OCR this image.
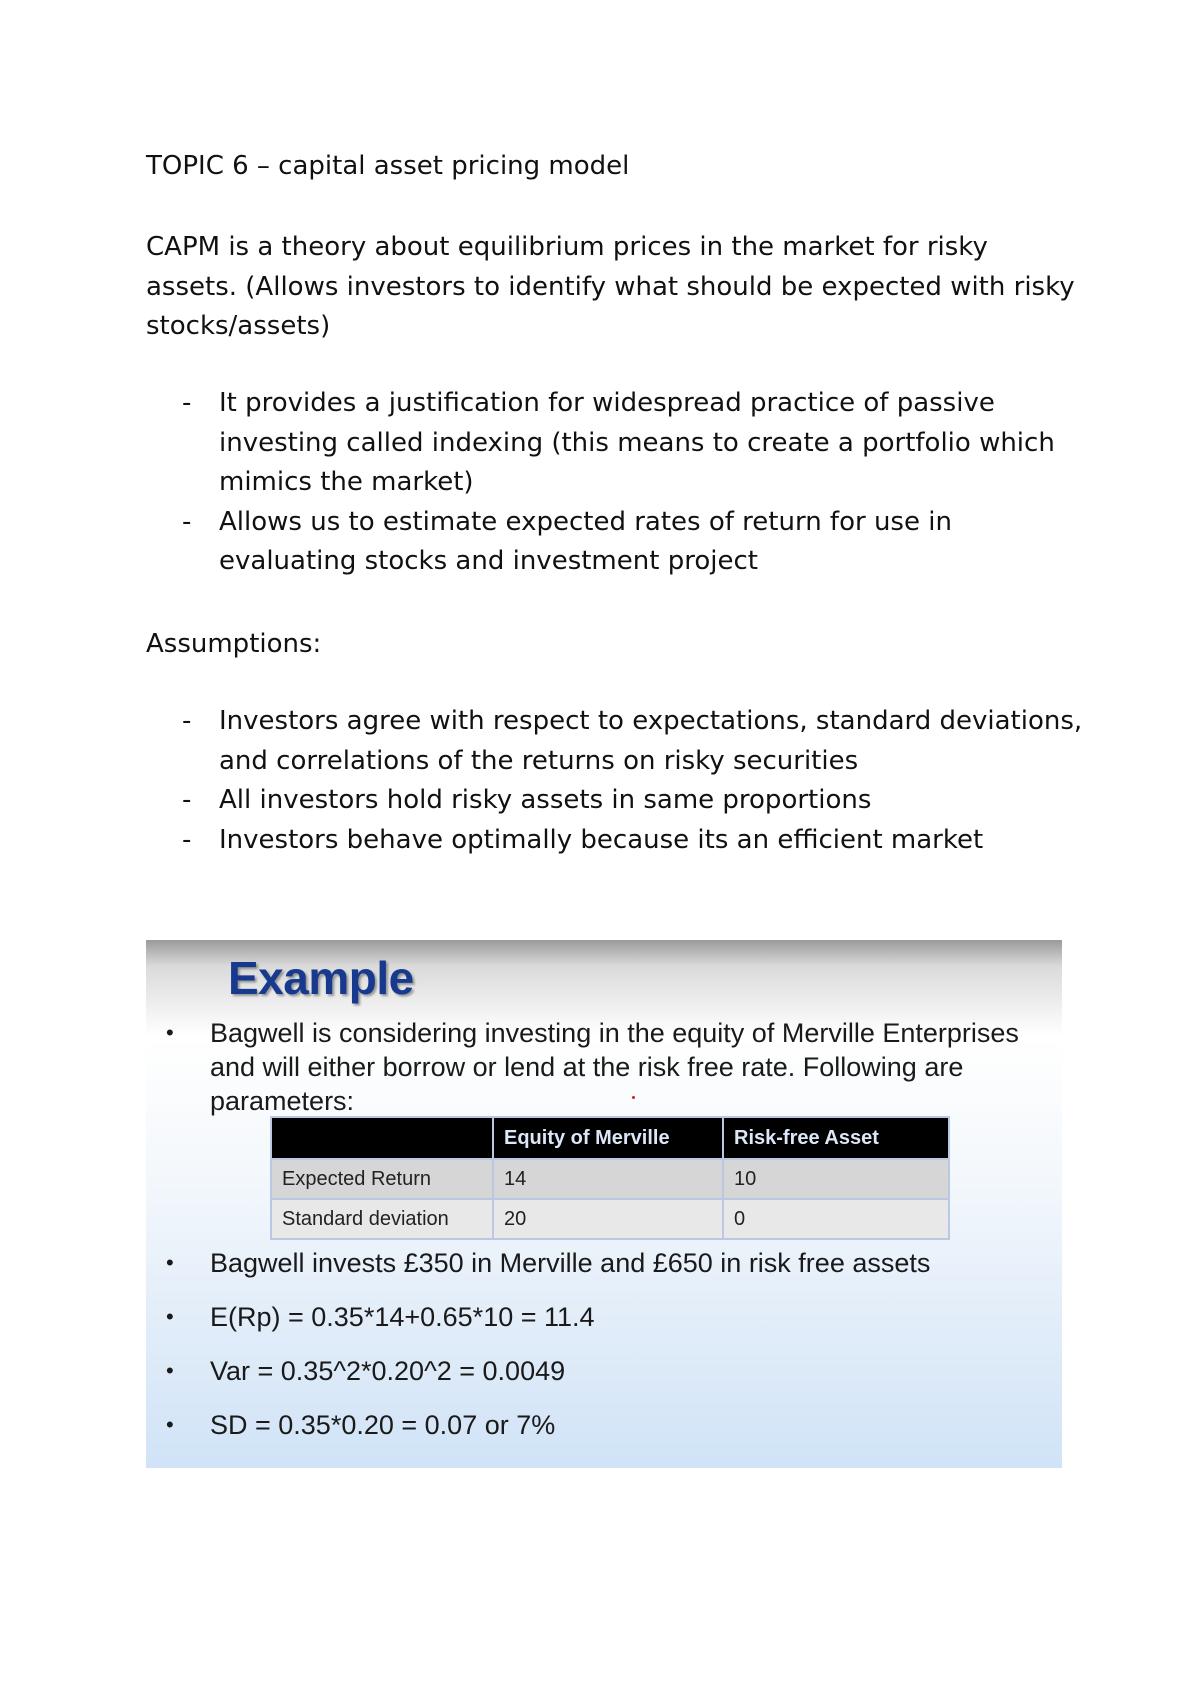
TOPIC 6 – capital asset pricing model
CAPM is a theory about equilibrium prices in the market for risky assets. (Allows investors to identify what should be expected with risky stocks/assets)
- It provides a justification for widespread practice of passive investing called indexing (this means to create a portfolio which mimics the market)
- Allows us to estimate expected rates of return for use in evaluating stocks and investment project
Assumptions:
- Investors agree with respect to expectations, standard deviations, and correlations of the returns on risky securities
- All investors hold risky assets in same proportions
- Investors behave optimally because its an efficient market
Example
• Bagwell is considering investing in the equity of Merville Enterprises and will either borrow or lend at the risk free rate. Following are parameters:
	Equity of Merville	Risk-free Asset
Expected Return	14	10
Standard deviation	20	0
• Bagwell invests £350 in Merville and £650 in risk free assets
• E(Rp) = 0.35*14+0.65*10 = 11.4
• Var = 0.35^2*0.20^2 = 0.0049
• SD = 0.35*0.20 = 0.07 or 7%
